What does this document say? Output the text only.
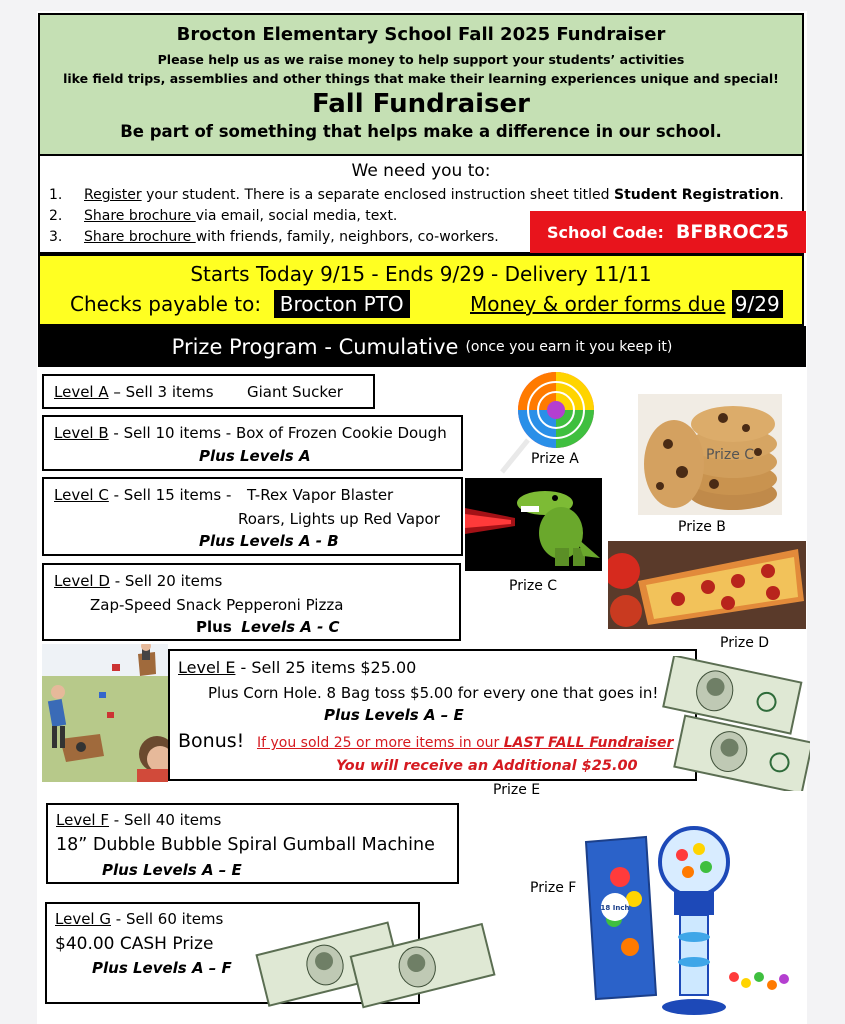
Brocton Elementary School Fall 2025 Fundraiser
Please help us as we raise money to help support your students’ activities
like field trips, assemblies and other things that make their learning experiences unique and special!
Fall Fundraiser
Be part of something that helps make a difference in our school.
We need you to:
1. Register your student. There is a separate enclosed instruction sheet titled Student Registration.
2. Share brochure via email, social media, text.
3. Share brochure with friends, family, neighbors, co-workers.	School Code: BFBROC25
Starts Today 9/15 - Ends 9/29 - Delivery 11/11
Checks payable to: Brocton PTO	Money & order forms due 9/29
Prize Program - Cumulative (once you earn it you keep it)
Level A – Sell 3 items Giant Sucker
Level B - Sell 10 items - Box of Frozen Cookie Dough
Plus Levels A
Level C - Sell 15 items - T-Rex Vapor Blaster
Roars, Lights up Red Vapor
Plus Levels A - B
Level D - Sell 20 items
Zap-Speed Snack Pepperoni Pizza
Plus Levels A - C
Level E - Sell 25 items $25.00
Plus Corn Hole. 8 Bag toss $5.00 for every one that goes in!
Plus Levels A – E
Bonus! If you sold 25 or more items in our LAST FALL Fundraiser
You will receive an Additional $25.00
Level F - Sell 40 items
18” Dubble Bubble Spiral Gumball Machine
Plus Levels A – E
Level G - Sell 60 items
$40.00 CASH Prize
Plus Levels A – F
Prize A	Prize C
Prize B
Prize C
Prize D
Prize E
Prize F
18 Inch
